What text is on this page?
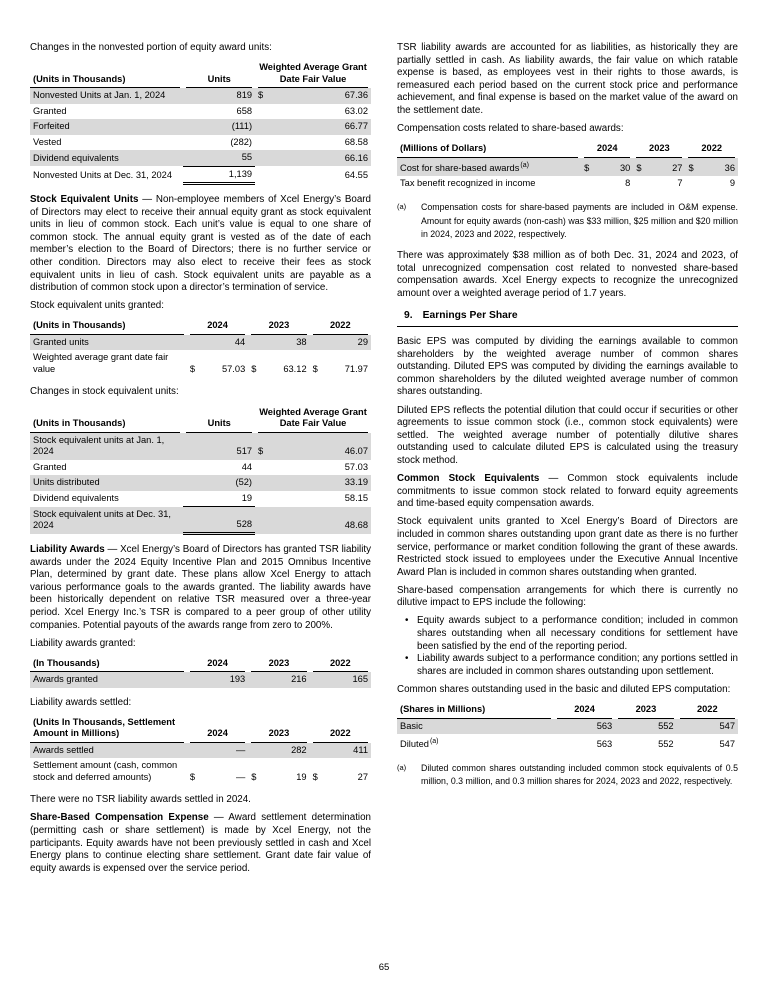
Changes in the nonvested portion of equity award units:

(Units in Thousands)	Units	Weighted Average Grant Date Fair Value
Nonvested Units at Jan. 1, 2024	819	$ 67.36

Granted	658	63.02
Forfeited	(111)	66.77
Vested	(282)	68.58
Dividend equivalents	55	66.16
Nonvested Units at Dec. 31, 2024	1,139	64.55

Stock Equivalent Units — Non-employee members of Xcel Energy’s Board of Directors may elect to receive their annual equity grant as stock equivalent units in lieu of common stock. Each unit’s value is equal to one share of common stock. The annual equity grant is vested as of the date of each member’s election to the Board of Directors; there is no further service or other condition. Directors may also elect to receive their fees as stock equivalent units in lieu of cash. Stock equivalent units are payable as a distribution of common stock upon a director’s termination of service.

Stock equivalent units granted:

(Units in Thousands)	2024	2023	2022
Granted units	44	38	29
Weighted average grant date fair value	$ 57.03	$ 63.12	$ 71.97

Changes in stock equivalent units:

(Units in Thousands)	Units	Weighted Average Grant Date Fair Value
Stock equivalent units at Jan. 1, 2024	517	$ 46.07

Granted	44	57.03
Units distributed	(52)	33.19
Dividend equivalents	19	58.15
Stock equivalent units at Dec. 31, 2024	528	48.68

Liability Awards — Xcel Energy’s Board of Directors has granted TSR liability awards under the 2024 Equity Incentive Plan and 2015 Omnibus Incentive Plan, determined by grant date. These plans allow Xcel Energy to attach various performance goals to the awards granted. The liability awards have been historically dependent on relative TSR measured over a three-year period. Xcel Energy Inc.’s TSR is compared to a peer group of other utility companies. Potential payouts of the awards range from zero to 200%.

Liability awards granted:

(In Thousands)	2024	2023	2022
Awards granted	193	216	165

Liability awards settled:

(Units In Thousands, Settlement Amount in Millions)	2024	2023	2022
Awards settled	—	282	411
Settlement amount (cash, common stock and deferred amounts)	$ —	$ 19	$ 27

There were no TSR liability awards settled in 2024.

Share-Based Compensation Expense — Award settlement determination (permitting cash or share settlement) is made by Xcel Energy, not the participants. Equity awards have not been previously settled in cash and Xcel Energy plans to continue electing share settlement. Grant date fair value of equity awards is expensed over the service period.

TSR liability awards are accounted for as liabilities, as historically they are partially settled in cash. As liability awards, the fair value on which ratable expense is based, as employees vest in their rights to those awards, is remeasured each period based on the current stock price and performance achievement, and final expense is based on the market value of the award on the settlement date.

Compensation costs related to share-based awards:

(Millions of Dollars)	2024	2023	2022
Cost for share-based awards$^{(a)}$	$ 30	$ 27	$ 36

Tax benefit recognized in income	8	7	9
(a)	Compensation costs for share-based payments are included in O&M expense. Amount for equity awards (non-cash) was $33 million, $25 million and $20 million in 2024, 2023 and 2022, respectively.

There was approximately $38 million as of both Dec. 31, 2024 and 2023, of total unrecognized compensation cost related to nonvested share-based compensation awards. Xcel Energy expects to recognize the unrecognized amount over a weighted average period of 1.7 years.

9. Earnings Per Share

Basic EPS was computed by dividing the earnings available to common shareholders by the weighted average number of common shares outstanding. Diluted EPS was computed by dividing the earnings available to common shareholders by the diluted weighted average number of common shares outstanding.

Diluted EPS reflects the potential dilution that could occur if securities or other agreements to issue common stock (i.e., common stock equivalents) were settled. The weighted average number of potentially dilutive shares outstanding used to calculate diluted EPS is calculated using the treasury stock method.

Common Stock Equivalents — Common stock equivalents include commitments to issue common stock related to forward equity agreements and time-based equity compensation awards.

Stock equivalent units granted to Xcel Energy’s Board of Directors are included in common shares outstanding upon grant date as there is no further service, performance or market condition following the grant of these awards. Restricted stock issued to employees under the Executive Annual Incentive Award Plan is included in common shares outstanding when granted.

Share-based compensation arrangements for which there is currently no dilutive impact to EPS include the following:

• Equity awards subject to a performance condition; included in common shares outstanding when all necessary conditions for settlement have been satisfied by the end of the reporting period.
• Liability awards subject to a performance condition; any portions settled in shares are included in common shares outstanding upon settlement.

Common shares outstanding used in the basic and diluted EPS computation:

(Shares in Millions)	2024	2023	2022
Basic	563	552	547
Diluted$^{(a)}$	563	552	547
(a)	Diluted common shares outstanding included common stock equivalents of 0.5 million, 0.3 million, and 0.3 million shares for 2024, 2023 and 2022, respectively.
65
